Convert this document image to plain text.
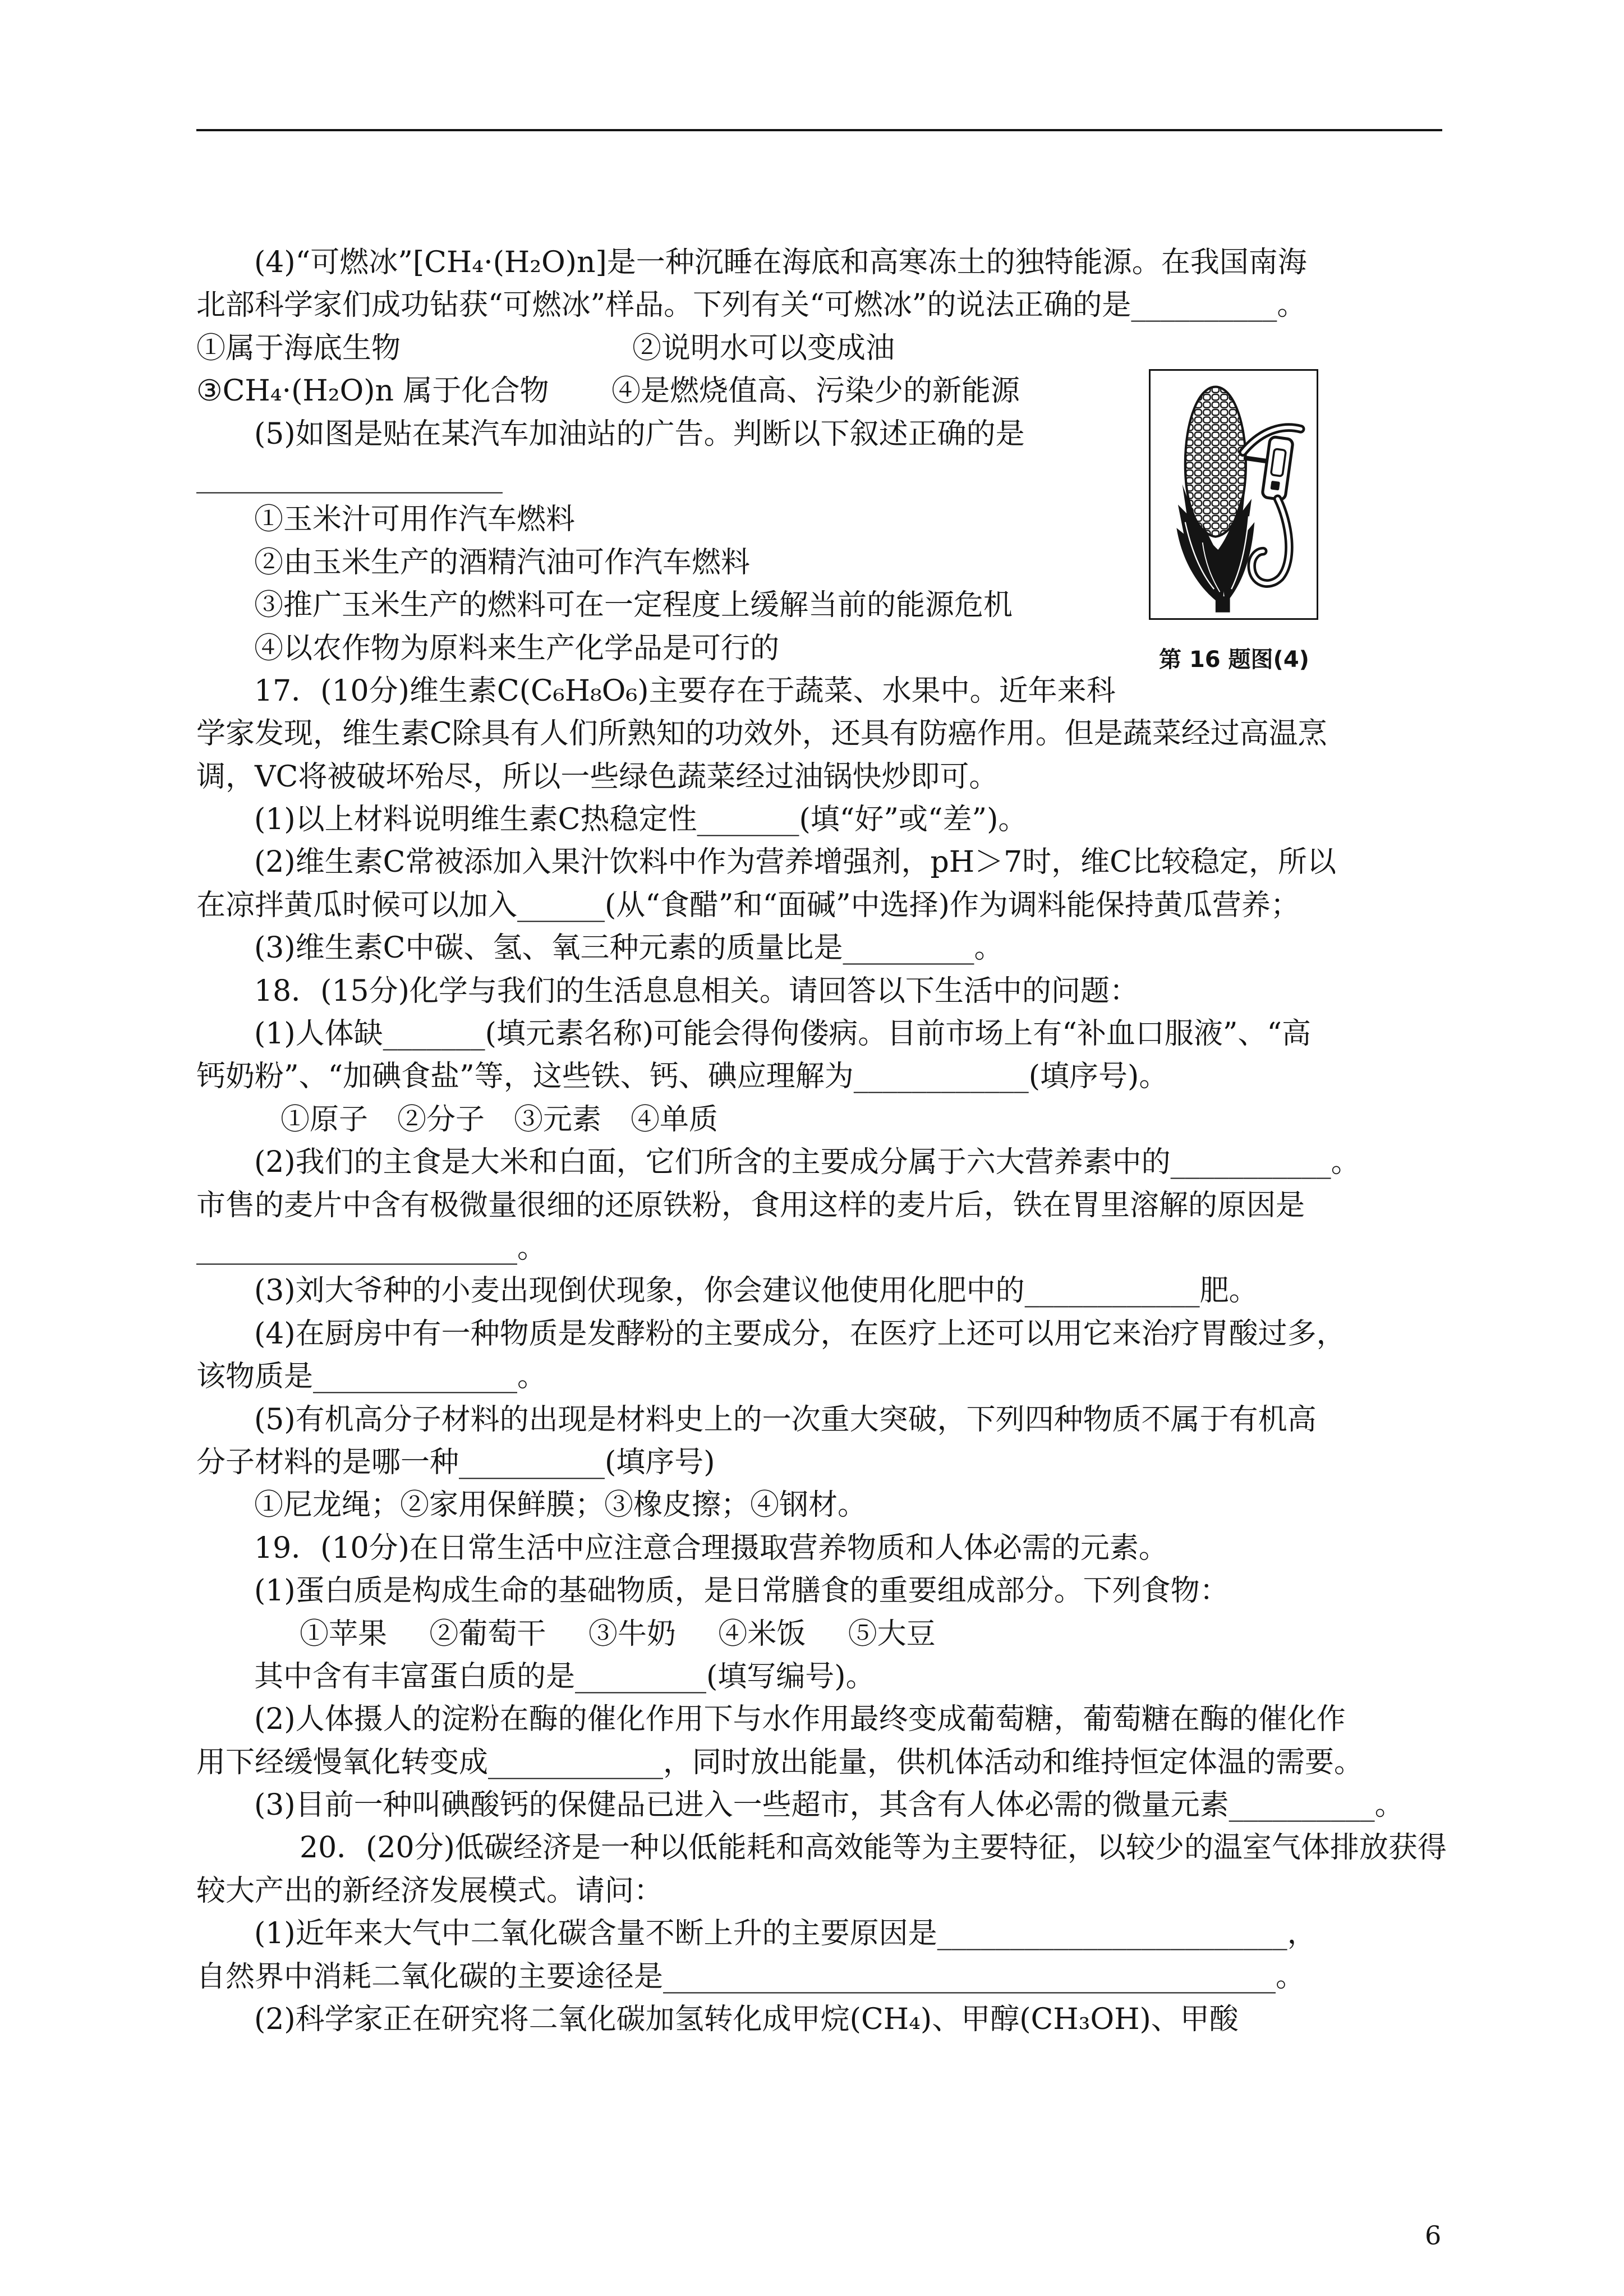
(4)“可燃冰”[CH₄·(H₂O)n]是一种沉睡在海底和高寒冻土的独特能源。在我国南海
北部科学家们成功钻获“可燃冰”样品。下列有关“可燃冰”的说法正确的是__________。
①属于海底生物	②说明水可以变成油
③CH₄·(H₂O)n 属于化合物 ④是燃烧值高、污染少的新能源
(5)如图是贴在某汽车加油站的广告。判断以下叙述正确的是
_____________________
①玉米汁可用作汽车燃料
②由玉米生产的酒精汽油可作汽车燃料
③推广玉米生产的燃料可在一定程度上缓解当前的能源危机
④以农作物为原料来生产化学品是可行的
17．(10分)维生素C(C₆H₈O₆)主要存在于蔬菜、水果中。近年来科
学家发现，维生素C除具有人们所熟知的功效外，还具有防癌作用。但是蔬菜经过高温烹
调，VC将被破坏殆尽，所以一些绿色蔬菜经过油锅快炒即可。
(1)以上材料说明维生素C热稳定性_______(填“好”或“差”)。
(2)维生素C常被添加入果汁饮料中作为营养增强剂，pH＞7时，维C比较稳定，所以
在凉拌黄瓜时候可以加入______(从“食醋”和“面碱”中选择)作为调料能保持黄瓜营养；
(3)维生素C中碳、氢、氧三种元素的质量比是_________。
18．(15分)化学与我们的生活息息相关。请回答以下生活中的问题：
(1)人体缺_______(填元素名称)可能会得佝偻病。目前市场上有“补血口服液”、“高
钙奶粉”、“加碘食盐”等，这些铁、钙、碘应理解为____________(填序号)。
①原子 ②分子 ③元素 ④单质
(2)我们的主食是大米和白面，它们所含的主要成分属于六大营养素中的___________。
市售的麦片中含有极微量很细的还原铁粉，食用这样的麦片后，铁在胃里溶解的原因是
______________________。
(3)刘大爷种的小麦出现倒伏现象，你会建议他使用化肥中的____________肥。
(4)在厨房中有一种物质是发酵粉的主要成分，在医疗上还可以用它来治疗胃酸过多，
该物质是______________。
(5)有机高分子材料的出现是材料史上的一次重大突破，下列四种物质不属于有机高
分子材料的是哪一种__________(填序号)
①尼龙绳；②家用保鲜膜；③橡皮擦；④钢材。
19．(10分)在日常生活中应注意合理摄取营养物质和人体必需的元素。
(1)蛋白质是构成生命的基础物质，是日常膳食的重要组成部分。下列食物：
①苹果 ②葡萄干 ③牛奶 ④米饭 ⑤大豆
其中含有丰富蛋白质的是_________(填写编号)。
(2)人体摄人的淀粉在酶的催化作用下与水作用最终变成葡萄糖，葡萄糖在酶的催化作
用下经缓慢氧化转变成____________，同时放出能量，供机体活动和维持恒定体温的需要。
(3)目前一种叫碘酸钙的保健品已进入一些超市，其含有人体必需的微量元素__________。
20．(20分)低碳经济是一种以低能耗和高效能等为主要特征，以较少的温室气体排放获得
较大产出的新经济发展模式。请问：
(1)近年来大气中二氧化碳含量不断上升的主要原因是________________________，
自然界中消耗二氧化碳的主要途径是__________________________________________。
(2)科学家正在研究将二氧化碳加氢转化成甲烷(CH₄)、甲醇(CH₃OH)、甲酸
第 16 题图(4)
6
